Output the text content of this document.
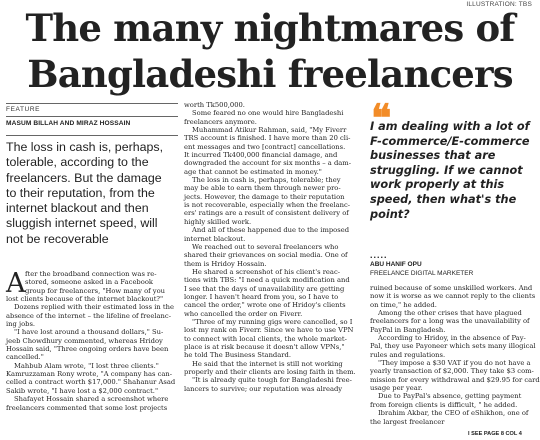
ILLUSTRATION: TBS
The many nightmares of
Bangladeshi freelancers
FEATURE
MASUM BILLAH AND MIRAZ HOSSAIN
The loss in cash is, perhaps,
tolerable, according to the
freelancers. But the damage
to their reputation, from the
internet blackout and then
sluggish internet speed, will
not be recoverable
A fter the broadband connection was re-
stored, someone asked in a Facebook
group for freelancers, "How many of you
lost clients because of the internet blackout?"
Dozens replied with their estimated loss in the
absence of the internet – the lifeline of freelanc-
ing jobs.
"I have lost around a thousand dollars," Su-
jeeb Chowdhury commented, whereas Hridoy
Hossain said, "Three ongoing orders have been
cancelled."
Mahbub Alam wrote, "I lost three clients."
Kamruzzaman Rony wrote, "A company has can-
celled a contract worth $17,000." Shahanur Asad
Sakib wrote, "I have lost a $2,000 contract."
Shafayet Hossain shared a screenshot where
freelancers commented that some lost projects
worth Tk500,000.
Some feared no one would hire Bangladeshi
freelancers anymore.
Muhammad Atikur Rahman, said, "My Fiverr
TRS account is finished. I have more than 20 cli-
ent messages and two [contract] cancellations.
It incurred Tk400,000 financial damage, and
downgraded the account for six months – a dam-
age that cannot be estimated in money."
The loss in cash is, perhaps, tolerable; they
may be able to earn them through newer pro-
jects. However, the damage to their reputation
is not recoverable, especially when the freelanc-
ers' ratings are a result of consistent delivery of
highly skilled work.
And all of these happened due to the imposed
internet blackout.
We reached out to several freelancers who
shared their grievances on social media. One of
them is Hridoy Hossain.
He shared a screenshot of his client's reac-
tions with TBS: "I need a quick modification and
I see that the days of unavailability are getting
longer. I haven't heard from you, so I have to
cancel the order," wrote one of Hridoy's clients
who cancelled the order on Fiverr.
"Three of my running gigs were cancelled, so I
lost my rank on Fiverr. Since we have to use VPN
to connect with local clients, the whole market-
place is at risk because it doesn't allow VPNs,"
he told The Business Standard.
He said that the internet is still not working
properly and their clients are losing faith in them.
"It is already quite tough for Bangladeshi free-
lancers to survive; our reputation was already
❝
I am dealing with a lot of
F-commerce/E-commerce
businesses that are
struggling. If we cannot
work properly at this
speed, then what's the
point?
.....
ABU HANIF OPU
FREELANCE DIGITAL MARKETER
ruined because of some unskilled workers. And
now it is worse as we cannot reply to the clients
on time," he added.
Among the other crises that have plagued
freelancers for a long was the unavailability of
PayPal in Bangladesh.
According to Hridoy, in the absence of Pay-
Pal, they use Payoneer which sets many illogical
rules and regulations.
"They impose a $30 VAT if you do not have a
yearly transaction of $2,000. They take $3 com-
mission for every withdrawal and $29.95 for card
usage per year.
Due to PayPal's absence, getting payment
from foreign clients is difficult, " he added.
Ibrahim Akbar, the CEO of eShikhon, one of
the largest freelancer
I SEE PAGE 8 COL 4
